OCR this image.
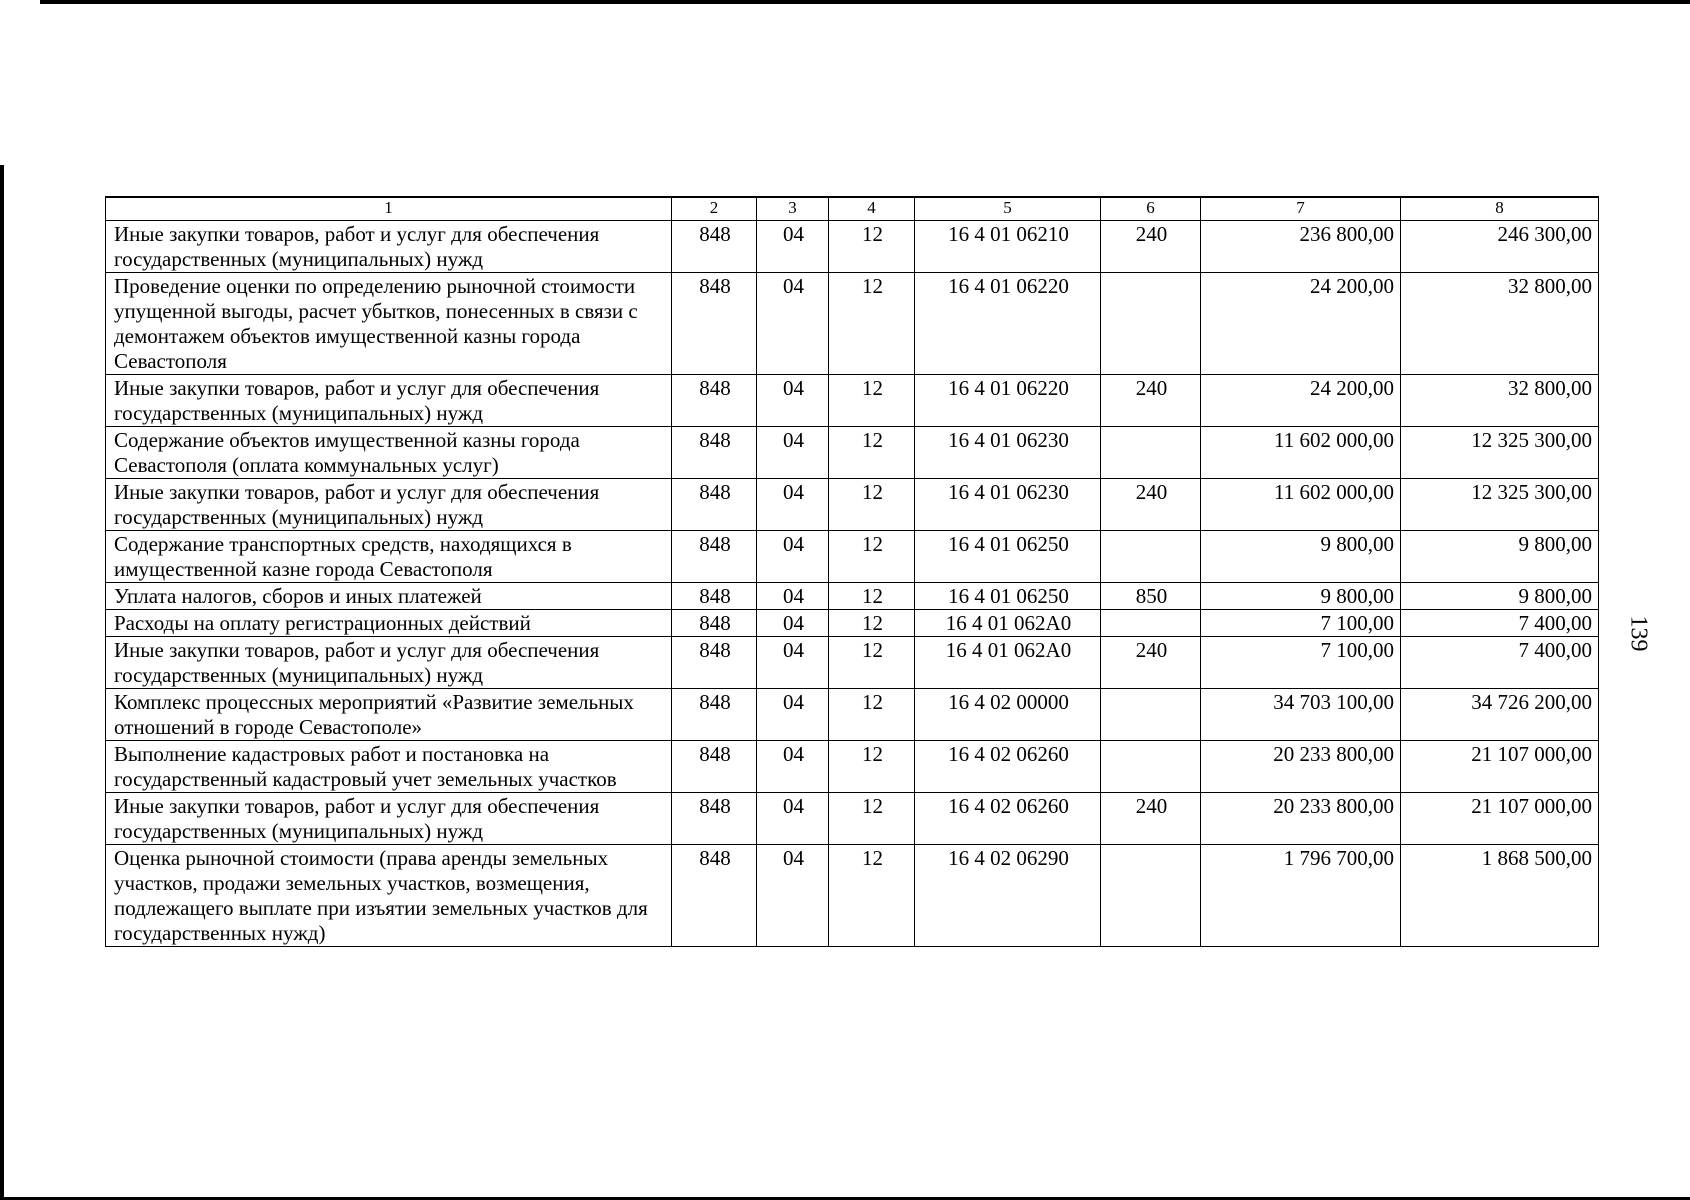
139
1	2	3	4	5	6	7	8
Иные закупки товаров, работ и услуг для обеспечения государственных (муниципальных) нужд	848	04	12	16 4 01 06210	240	236 800,00	246 300,00
Проведение оценки по определению рыночной стоимости упущенной выгоды, расчет убытков, понесенных в связи с демонтажем объектов имущественной казны города Севастополя	848	04	12	16 4 01 06220		24 200,00	32 800,00
Иные закупки товаров, работ и услуг для обеспечения государственных (муниципальных) нужд	848	04	12	16 4 01 06220	240	24 200,00	32 800,00
Содержание объектов имущественной казны города Севастополя (оплата коммунальных услуг)	848	04	12	16 4 01 06230		11 602 000,00	12 325 300,00
Иные закупки товаров, работ и услуг для обеспечения государственных (муниципальных) нужд	848	04	12	16 4 01 06230	240	11 602 000,00	12 325 300,00
Содержание транспортных средств, находящихся в имущественной казне города Севастополя	848	04	12	16 4 01 06250		9 800,00	9 800,00
Уплата налогов, сборов и иных платежей	848	04	12	16 4 01 06250	850	9 800,00	9 800,00
Расходы на оплату регистрационных действий	848	04	12	16 4 01 062А0		7 100,00	7 400,00
Иные закупки товаров, работ и услуг для обеспечения государственных (муниципальных) нужд	848	04	12	16 4 01 062А0	240	7 100,00	7 400,00
Комплекс процессных мероприятий «Развитие земельных отношений в городе Севастополе»	848	04	12	16 4 02 00000		34 703 100,00	34 726 200,00
Выполнение кадастровых работ и постановка на государственный кадастровый учет земельных участков	848	04	12	16 4 02 06260		20 233 800,00	21 107 000,00
Иные закупки товаров, работ и услуг для обеспечения государственных (муниципальных) нужд	848	04	12	16 4 02 06260	240	20 233 800,00	21 107 000,00
Оценка рыночной стоимости (права аренды земельных участков, продажи земельных участков, возмещения, подлежащего выплате при изъятии земельных участков для государственных нужд)	848	04	12	16 4 02 06290		1 796 700,00	1 868 500,00
